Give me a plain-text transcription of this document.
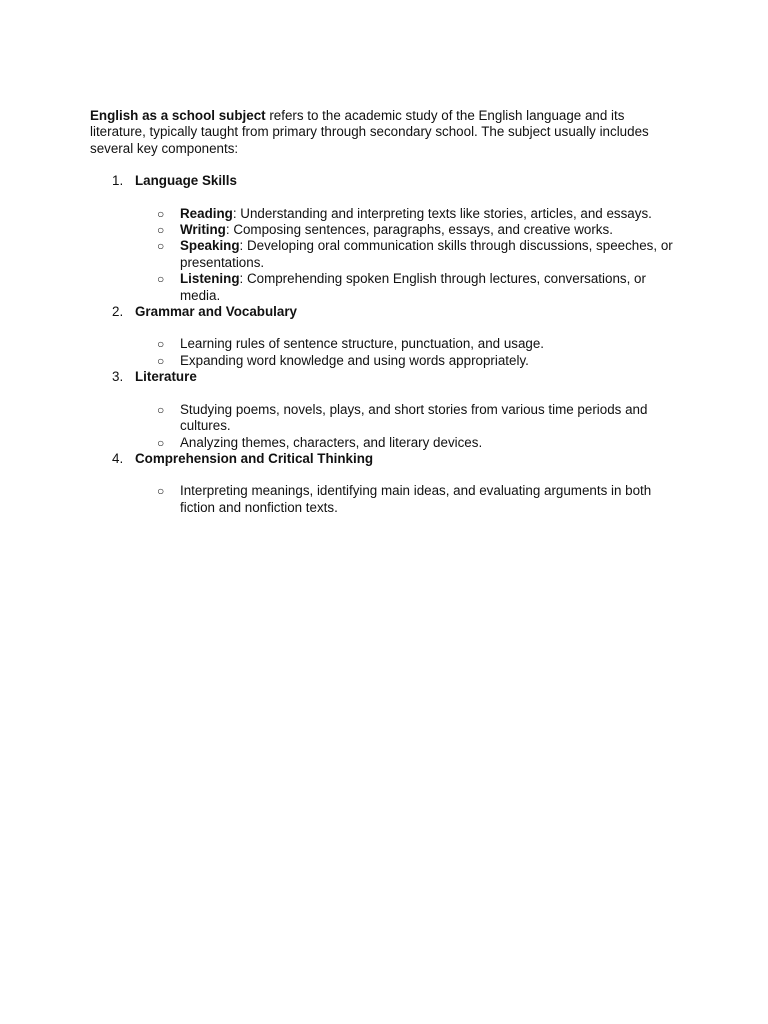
English as a school subject refers to the academic study of the English language and its literature, typically taught from primary through secondary school. The subject usually includes several key components:

1. Language Skills
○ Reading: Understanding and interpreting texts like stories, articles, and essays.
○ Writing: Composing sentences, paragraphs, essays, and creative works.
○ Speaking: Developing oral communication skills through discussions, speeches, or presentations.
○ Listening: Comprehending spoken English through lectures, conversations, or media.
2. Grammar and Vocabulary
○ Learning rules of sentence structure, punctuation, and usage.
○ Expanding word knowledge and using words appropriately.
3. Literature
○ Studying poems, novels, plays, and short stories from various time periods and cultures.
○ Analyzing themes, characters, and literary devices.
4. Comprehension and Critical Thinking
○ Interpreting meanings, identifying main ideas, and evaluating arguments in both fiction and nonfiction texts.
